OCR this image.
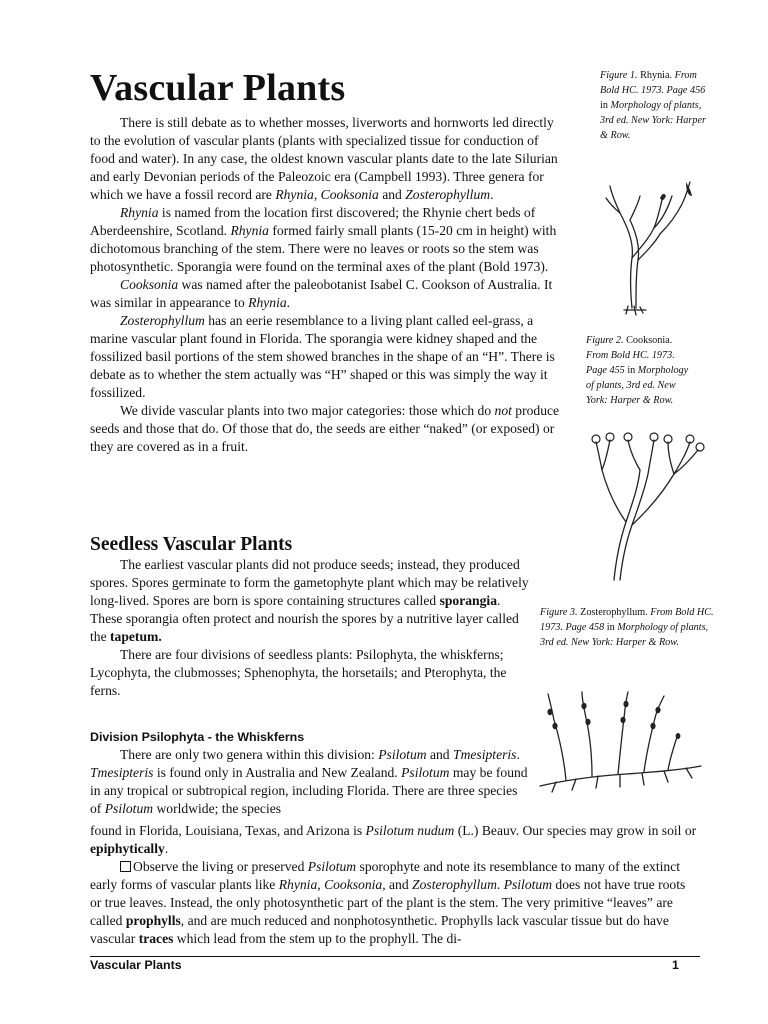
Vascular Plants

There is still debate as to whether mosses, liverworts and hornworts led directly to the evolution of vascular plants (plants with specialized tissue for conduction of food and water). In any case, the oldest known vascular plants date to the late Silurian and early Devonian periods of the Paleozoic era (Campbell 1993). Three genera for which we have a fossil record are Rhynia, Cooksonia and Zosterophyllum.

Rhynia is named from the location first discovered; the Rhynie chert beds of Aberdeenshire, Scotland. Rhynia formed fairly small plants (15-20 cm in height) with dichotomous branching of the stem. There were no leaves or roots so the stem was photosynthetic. Sporangia were found on the terminal axes of the plant (Bold 1973).

Cooksonia was named after the paleobotanist Isabel C. Cookson of Australia. It was similar in appearance to Rhynia.

Zosterophyllum has an eerie resemblance to a living plant called eel-grass, a marine vascular plant found in Florida. The sporangia were kidney shaped and the fossilized basil portions of the stem showed branches in the shape of an “H”. There is debate as to whether the stem actually was “H” shaped or this was simply the way it fossilized.

We divide vascular plants into two major categories: those which do not produce seeds and those that do. Of those that do, the seeds are either “naked” (or exposed) or they are covered as in a fruit.

Seedless Vascular Plants

The earliest vascular plants did not produce seeds; instead, they produced spores. Spores germinate to form the gametophyte plant which may be relatively long-lived. Spores are born is spore containing structures called sporangia. These sporangia often protect and nourish the spores by a nutritive layer called the tapetum.

There are four divisions of seedless plants: Psilophyta, the whiskferns; Lycophyta, the clubmosses; Sphenophyta, the horsetails; and Pterophyta, the ferns.

Division Psilophyta - the Whiskferns

There are only two genera within this division: Psilotum and Tmesipteris. Tmesipteris is found only in Australia and New Zealand. Psilotum may be found in any tropical or subtropical region, including Florida. There are three species of Psilotum worldwide; the species

found in Florida, Louisiana, Texas, and Arizona is Psilotum nudum (L.) Beauv. Our species may grow in soil or epiphytically.

Observe the living or preserved Psilotum sporophyte and note its resemblance to many of the extinct early forms of vascular plants like Rhynia, Cooksonia, and Zosterophyllum. Psilotum does not have true roots or true leaves. Instead, the only photosynthetic part of the plant is the stem. The very primitive “leaves” are called prophylls, and are much reduced and nonphotosynthetic. Prophylls lack vascular tissue but do have vascular traces which lead from the stem up to the prophyll. The di-

Figure 1. Rhynia. From Bold HC. 1973. Page 456 in Morphology of plants, 3rd ed. New York: Harper & Row.
Figure 2. Cooksonia. From Bold HC. 1973. Page 455 in Morphology of plants, 3rd ed. New York: Harper & Row.
Figure 3. Zosterophyllum. From Bold HC. 1973. Page 458 in Morphology of plants, 3rd ed. New York: Harper & Row.
Vascular Plants	1
